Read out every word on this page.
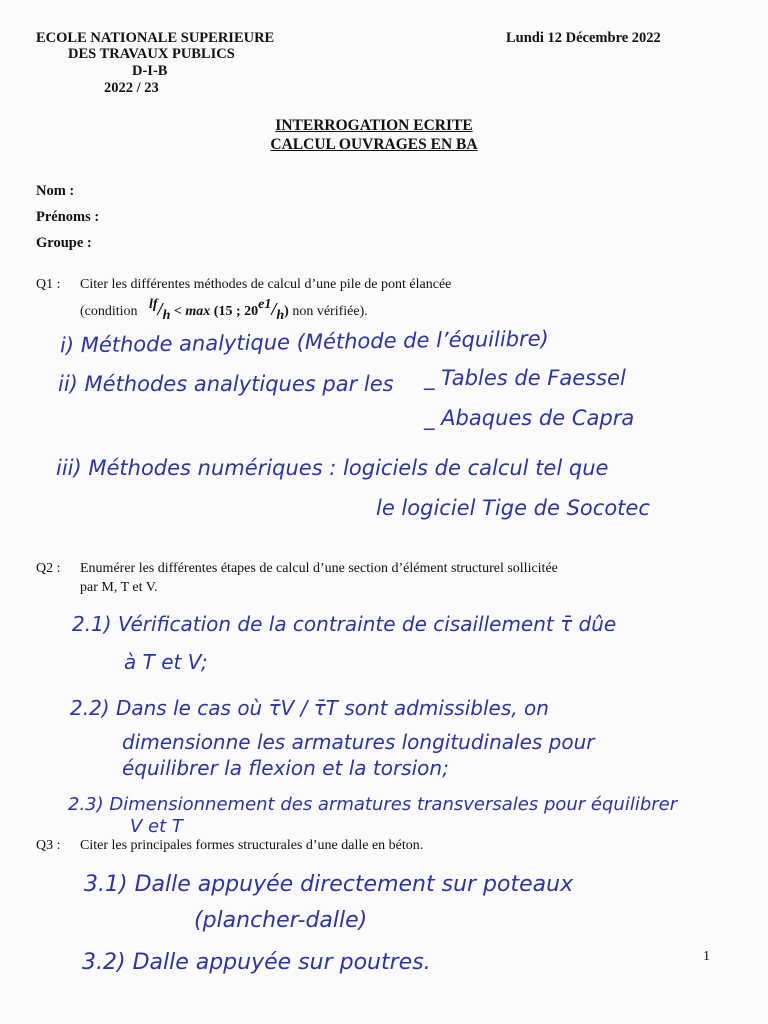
ECOLE NATIONALE SUPERIEURE
DES TRAVAUX PUBLICS
D-I-B
2022 / 23
Lundi 12 Décembre 2022
INTERROGATION ECRITE
CALCUL OUVRAGES EN BA
Nom :
Prénoms :
Groupe :
Q1 : Citer les différentes méthodes de calcul d’une pile de pont élancée
(condition lf/h < max (15 ; 20e1/h) non vérifiée).
i) Méthode analytique (Méthode de l’équilibre)
ii) Méthodes analytiques par les _ Tables de Faessel
_ Abaques de Capra
iii) Méthodes numériques : logiciels de calcul tel que
le logiciel Tige de Socotec
Q2 : Enumérer les différentes étapes de calcul d’une section d’élément structurel sollicitée
par M, T et V.
2.1) Vérification de la contrainte de cisaillement τ̄ dûe
à T et V;
2.2) Dans le cas où τ̄V / τ̄T sont admissibles, on
dimensionne les armatures longitudinales pour
équilibrer la flexion et la torsion;
2.3) Dimensionnement des armatures transversales pour équilibrer
V et T
Q3 : Citer les principales formes structurales d’une dalle en béton.
3.1) Dalle appuyée directement sur poteaux
(plancher-dalle)
3.2) Dalle appuyée sur poutres.	1
